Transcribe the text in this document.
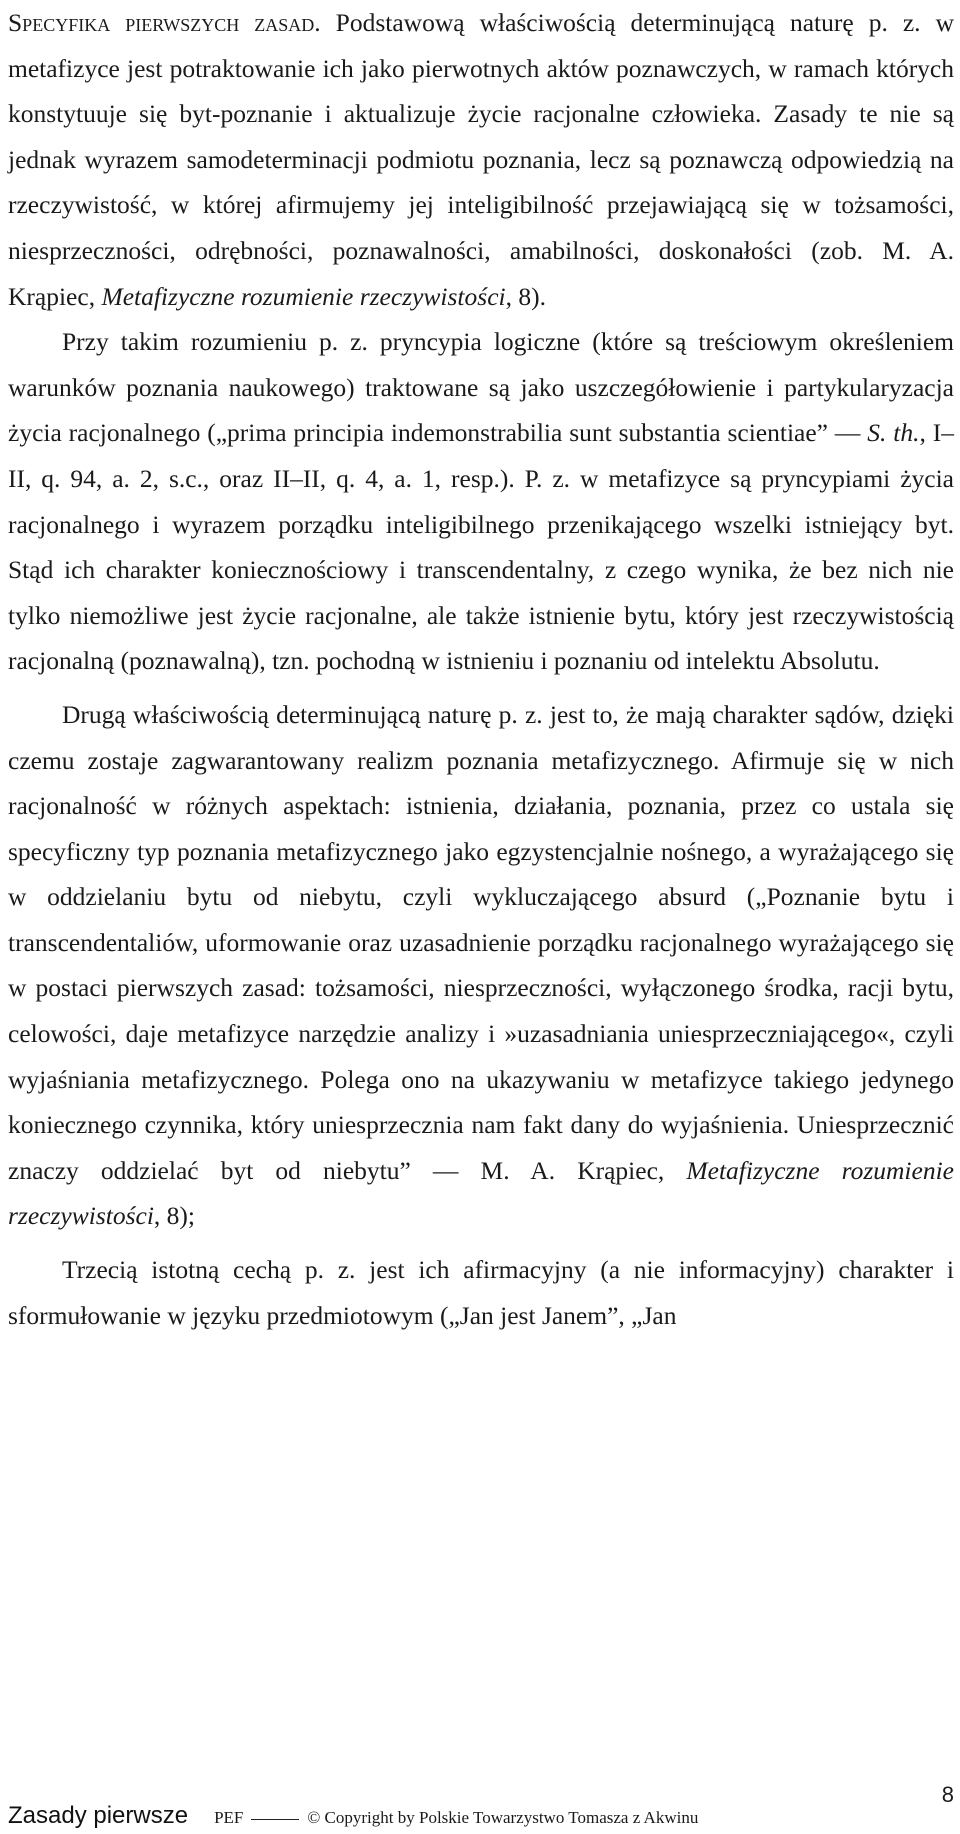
Specyfika pierwszych zasad. Podstawową właściwością determinującą naturę p. z. w metafizyce jest potraktowanie ich jako pierwotnych aktów poznawczych, w ramach których konstytuuje się byt-poznanie i aktualizuje życie racjonalne człowieka. Zasady te nie są jednak wyrazem samodeterminacji podmiotu poznania, lecz są poznawczą odpowiedzią na rzeczywistość, w której afirmujemy jej inteligibilność przejawiającą się w tożsamości, niesprzeczności, odrębności, poznawalności, amabilności, doskonałości (zob. M. A. Krąpiec, Metafizyczne rozumienie rzeczywistości, 8).

Przy takim rozumieniu p. z. pryncypia logiczne (które są treściowym określeniem warunków poznania naukowego) traktowane są jako uszczegółowienie i partykularyzacja życia racjonalnego („prima principia indemonstrabilia sunt substantia scientiae” — S. th., I–II, q. 94, a. 2, s.c., oraz II–II, q. 4, a. 1, resp.). P. z. w metafizyce są pryncypiami życia racjonalnego i wyrazem porządku inteligibilnego przenikającego wszelki istniejący byt. Stąd ich charakter koniecznościowy i transcendentalny, z czego wynika, że bez nich nie tylko niemożliwe jest życie racjonalne, ale także istnienie bytu, który jest rzeczywistością racjonalną (poznawalną), tzn. pochodną w istnieniu i poznaniu od intelektu Absolutu.

Drugą właściwością determinującą naturę p. z. jest to, że mają charakter sądów, dzięki czemu zostaje zagwarantowany realizm poznania metafizycznego. Afirmuje się w nich racjonalność w różnych aspektach: istnienia, działania, poznania, przez co ustala się specyficzny typ poznania metafizycznego jako egzystencjalnie nośnego, a wyrażającego się w oddzielaniu bytu od niebytu, czyli wykluczającego absurd („Poznanie bytu i transcendentaliów, uformowanie oraz uzasadnienie porządku racjonalnego wyrażającego się w postaci pierwszych zasad: tożsamości, niesprzeczności, wyłączonego środka, racji bytu, celowości, daje metafizyce narzędzie analizy i »uzasadniania uniesprzeczniającego«, czyli wyjaśniania metafizycznego. Polega ono na ukazywaniu w metafizyce takiego jedynego koniecznego czynnika, który uniesprzecznia nam fakt dany do wyjaśnienia. Uniesprzecznić znaczy oddzielać byt od niebytu” — M. A. Krąpiec, Metafizyczne rozumienie rzeczywistości, 8);

Trzecią istotną cechą p. z. jest ich afirmacyjny (a nie informacyjny) charakter i sformułowanie w języku przedmiotowym („Jan jest Janem”, „Jan

Zasady pierwsze PEF	© Copyright by Polskie Towarzystwo Tomasza z Akwinu
8
